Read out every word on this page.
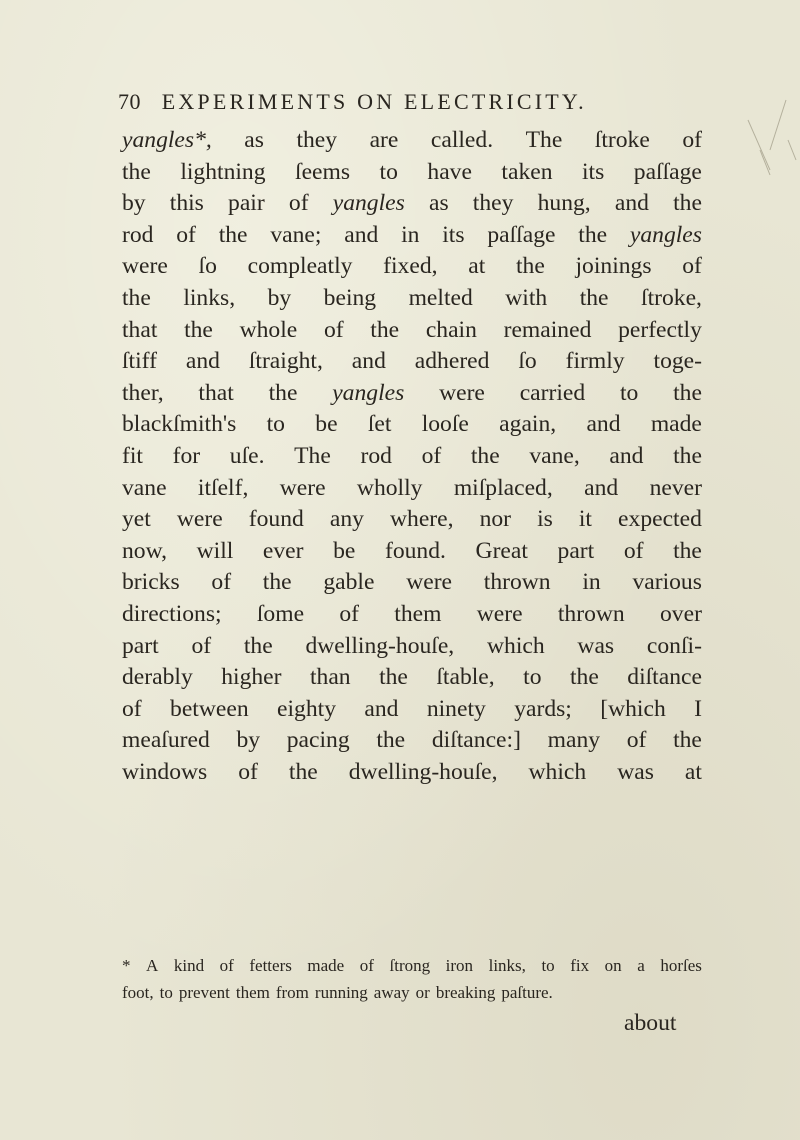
70 EXPERIMENTS ON ELECTRICITY.
yangles*, as they are called. The ſtroke of
the lightning ſeems to have taken its paſſage
by this pair of yangles as they hung, and the
rod of the vane; and in its paſſage the yangles
were ſo compleatly fixed, at the joinings of
the links, by being melted with the ſtroke,
that the whole of the chain remained perfectly
ſtiff and ſtraight, and adhered ſo firmly toge-
ther, that the yangles were carried to the
blackſmith's to be ſet looſe again, and made
fit for uſe. The rod of the vane, and the
vane itſelf, were wholly miſplaced, and never
yet were found any where, nor is it expected
now, will ever be found. Great part of the
bricks of the gable were thrown in various
directions; ſome of them were thrown over
part of the dwelling-houſe, which was conſi-
derably higher than the ſtable, to the diſtance
of between eighty and ninety yards; [which I
meaſured by pacing the diſtance:] many of the
windows of the dwelling-houſe, which was at
* A kind of fetters made of ſtrong iron links, to fix on a horſes
foot, to prevent them from running away or breaking paſture.
about
